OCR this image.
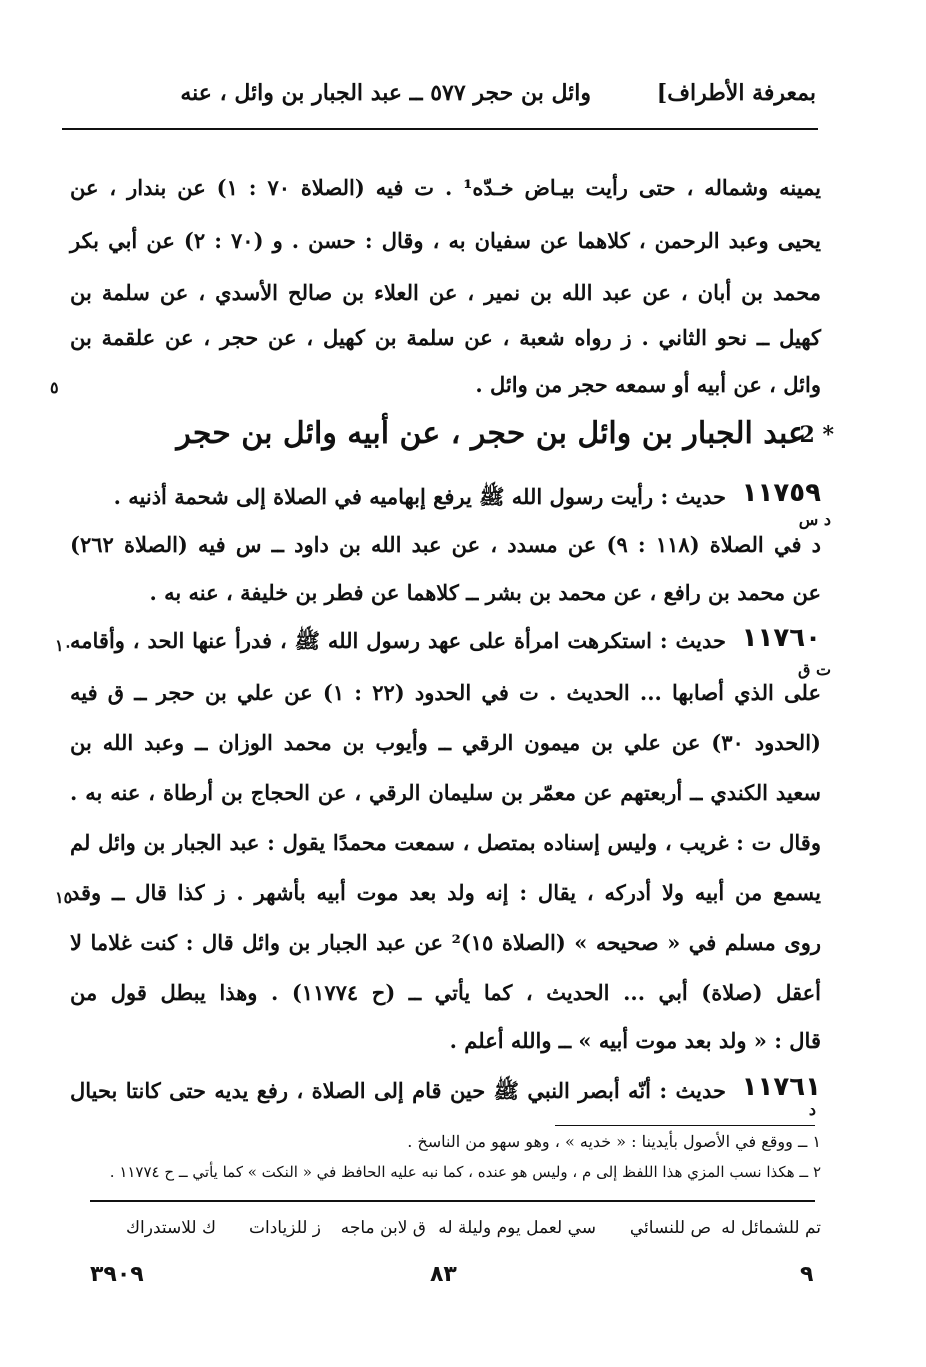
بمعرفة الأطراف]
وائل بن حجر ٥٧٧ ــ عبد الجبار بن وائل ، عنه
يمينه وشماله ، حتى رأيت بيـاض خـدّه¹ . ت فيه (الصلاة ٧٠ : ١) عن بندار ، عن
يحيى وعبد الرحمن ، كلاهما عن سفيان به ، وقال : حسن . و (٧٠ : ٢) عن أبي بكر
محمد بن أبان ، عن عبد الله بن نمير ، عن العلاء بن صالح الأسدي ، عن سلمة بن
كهيل ــ نحو الثاني . ز رواه شعبة ، عن سلمة بن كهيل ، عن حجر ، عن علقمة بن
وائل ، عن أبيه أو سمعه حجر من وائل .
٥
2 *
عبد الجبار بن وائل بن حجر ، عن أبيه وائل بن حجر
١١٧٥٩
حديث : رأيت رسول الله ﷺ يرفع إبهاميه في الصلاة إلى شحمة أذنيه .
د س
د في الصلاة (١١٨ : ٩) عن مسدد ، عن عبد الله بن داود ــ س فيه (الصلاة ٢٦٢)
عن محمد بن رافع ، عن محمد بن بشر ــ كلاهما عن فطر بن خليفة ، عنه به .
١١٧٦٠
حديث : استكرهت امرأة على عهد رسول الله ﷺ ، فدرأ عنها الحد ، وأقامه
١٠
ت ق
على الذي أصابها ... الحديث . ت في الحدود (٢٢ : ١) عن علي بن حجر ــ ق فيه
(الحدود ٣٠) عن علي بن ميمون الرقي ــ وأيوب بن محمد الوزان ــ وعبد الله بن
سعيد الكندي ــ أربعتهم عن معمّر بن سليمان الرقي ، عن الحجاج بن أرطاة ، عنه به .
وقال ت : غريب ، وليس إسناده بمتصل ، سمعت محمدًا يقول : عبد الجبار بن وائل لم
يسمع من أبيه ولا أدركه ، يقال : إنه ولد بعد موت أبيه بأشهر . ز كذا قال ــ وقد
١٥
روى مسلم في « صحيحه » (الصلاة ١٥)² عن عبد الجبار بن وائل قال : كنت غلاما لا
أعقل (صلاة) أبي ... الحديث ، كما يأتي ــ (ح ١١٧٧٤) . وهذا يبطل قول من
قال : « ولد بعد موت أبيه » ــ والله أعلم .
١١٧٦١
حديث : أنّه أبصر النبي ﷺ حين قام إلى الصلاة ، رفع يديه حتى كانتا بحيال
د
١ ــ ووقع في الأصول بأيدينا : « خديه » ، وهو سهو من الناسخ .
٢ ــ هكذا نسب المزي هذا اللفظ إلى م ، وليس هو عنده ، كما نبه عليه الحافظ في « النكت » كما يأتي ــ ح ١١٧٧٤ .
تم للشمائل له
ص للنسائي
سي لعمل يوم وليلة له
ق لابن ماجه
ز للزيادات
ك للاستدراك
٩
٨٣
٣٩٠٩
